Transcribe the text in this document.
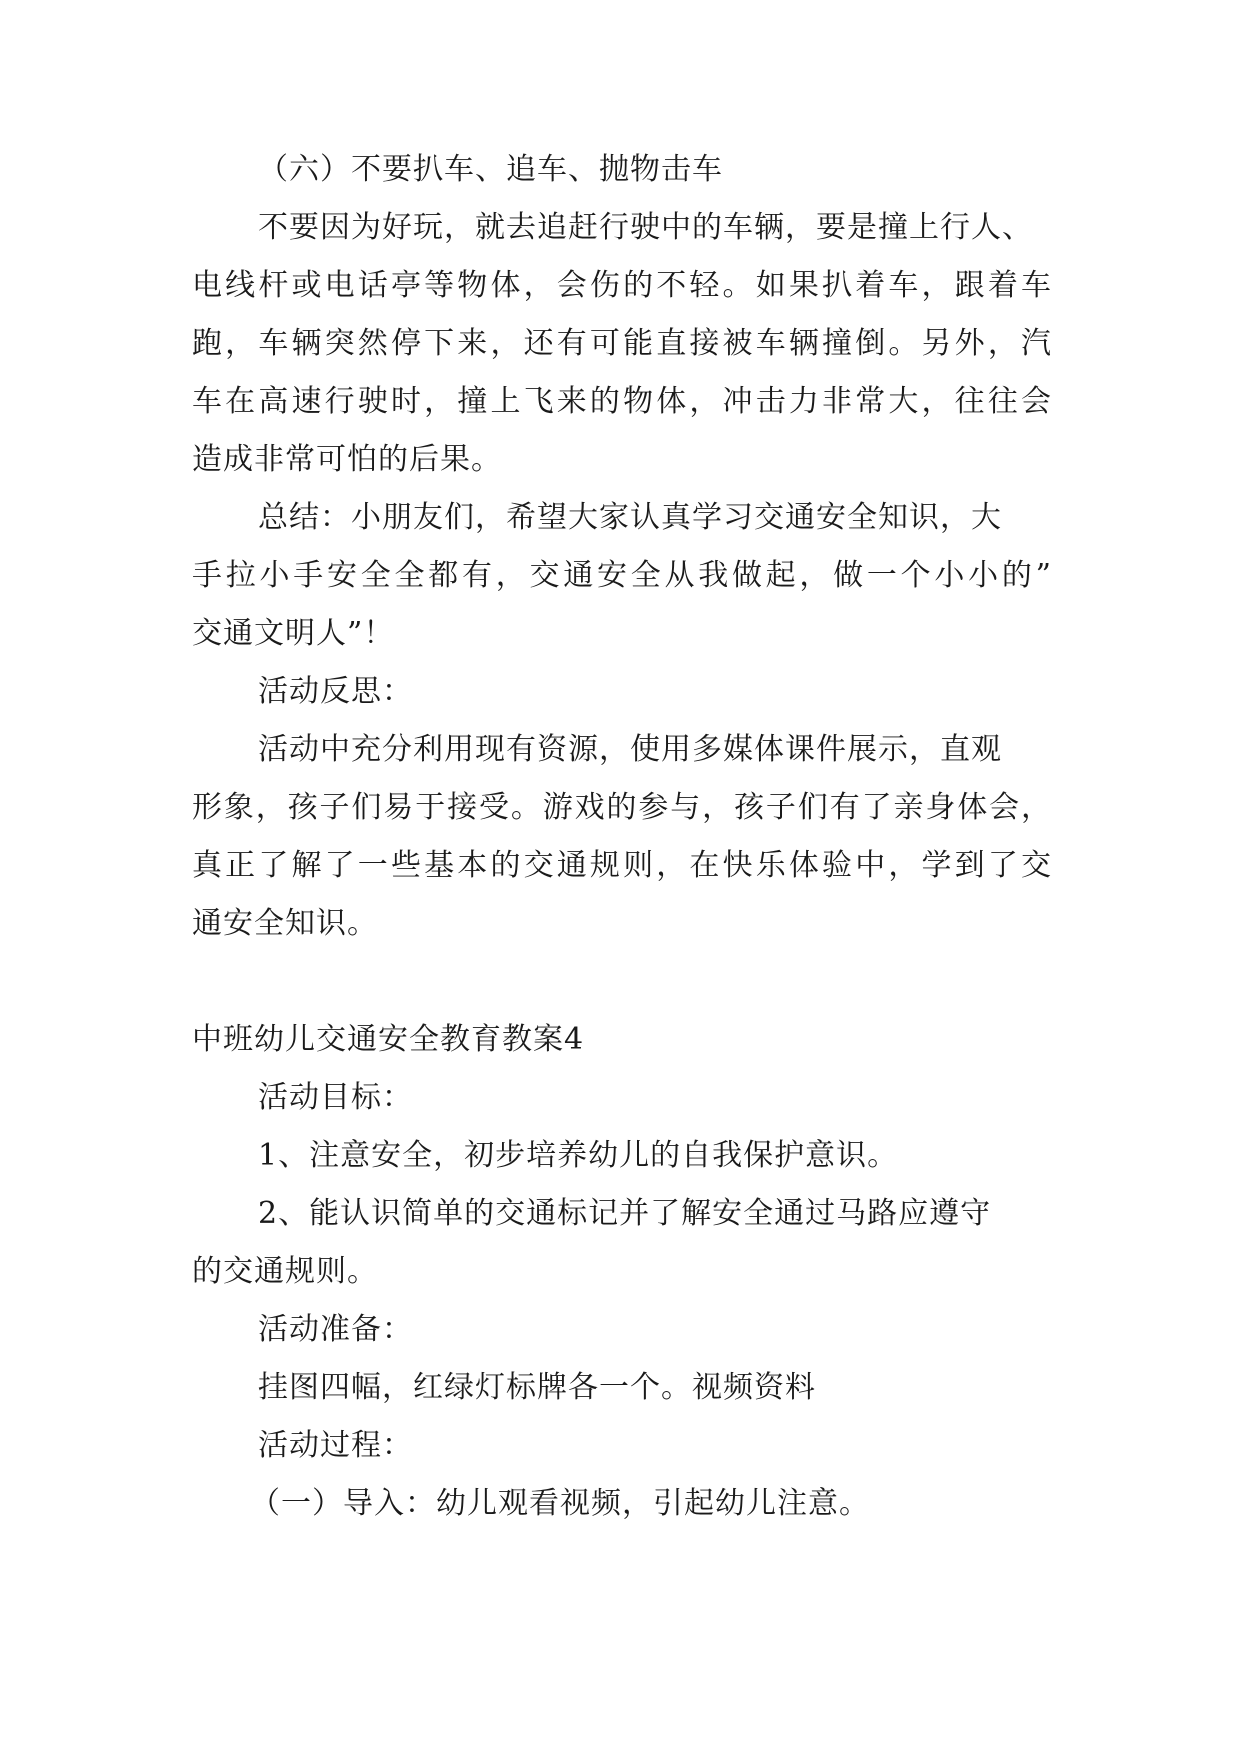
（六）不要扒车、追车、抛物击车
不要因为好玩，就去追赶行驶中的车辆，要是撞上行人、
电线杆或电话亭等物体，会伤的不轻。如果扒着车，跟着车
跑，车辆突然停下来，还有可能直接被车辆撞倒。另外，汽
车在高速行驶时，撞上飞来的物体，冲击力非常大，往往会
造成非常可怕的后果。
总结：小朋友们，希望大家认真学习交通安全知识，大
手拉小手安全全都有，交通安全从我做起，做一个小小的”
交通文明人”！
活动反思：
活动中充分利用现有资源，使用多媒体课件展示，直观
形象，孩子们易于接受。游戏的参与，孩子们有了亲身体会，
真正了解了一些基本的交通规则，在快乐体验中，学到了交
通安全知识。
中班幼儿交通安全教育教案4
活动目标：
1、注意安全，初步培养幼儿的自我保护意识。
2、能认识简单的交通标记并了解安全通过马路应遵守
的交通规则。
活动准备：
挂图四幅，红绿灯标牌各一个。视频资料
活动过程：
（一）导入：幼儿观看视频，引起幼儿注意。
